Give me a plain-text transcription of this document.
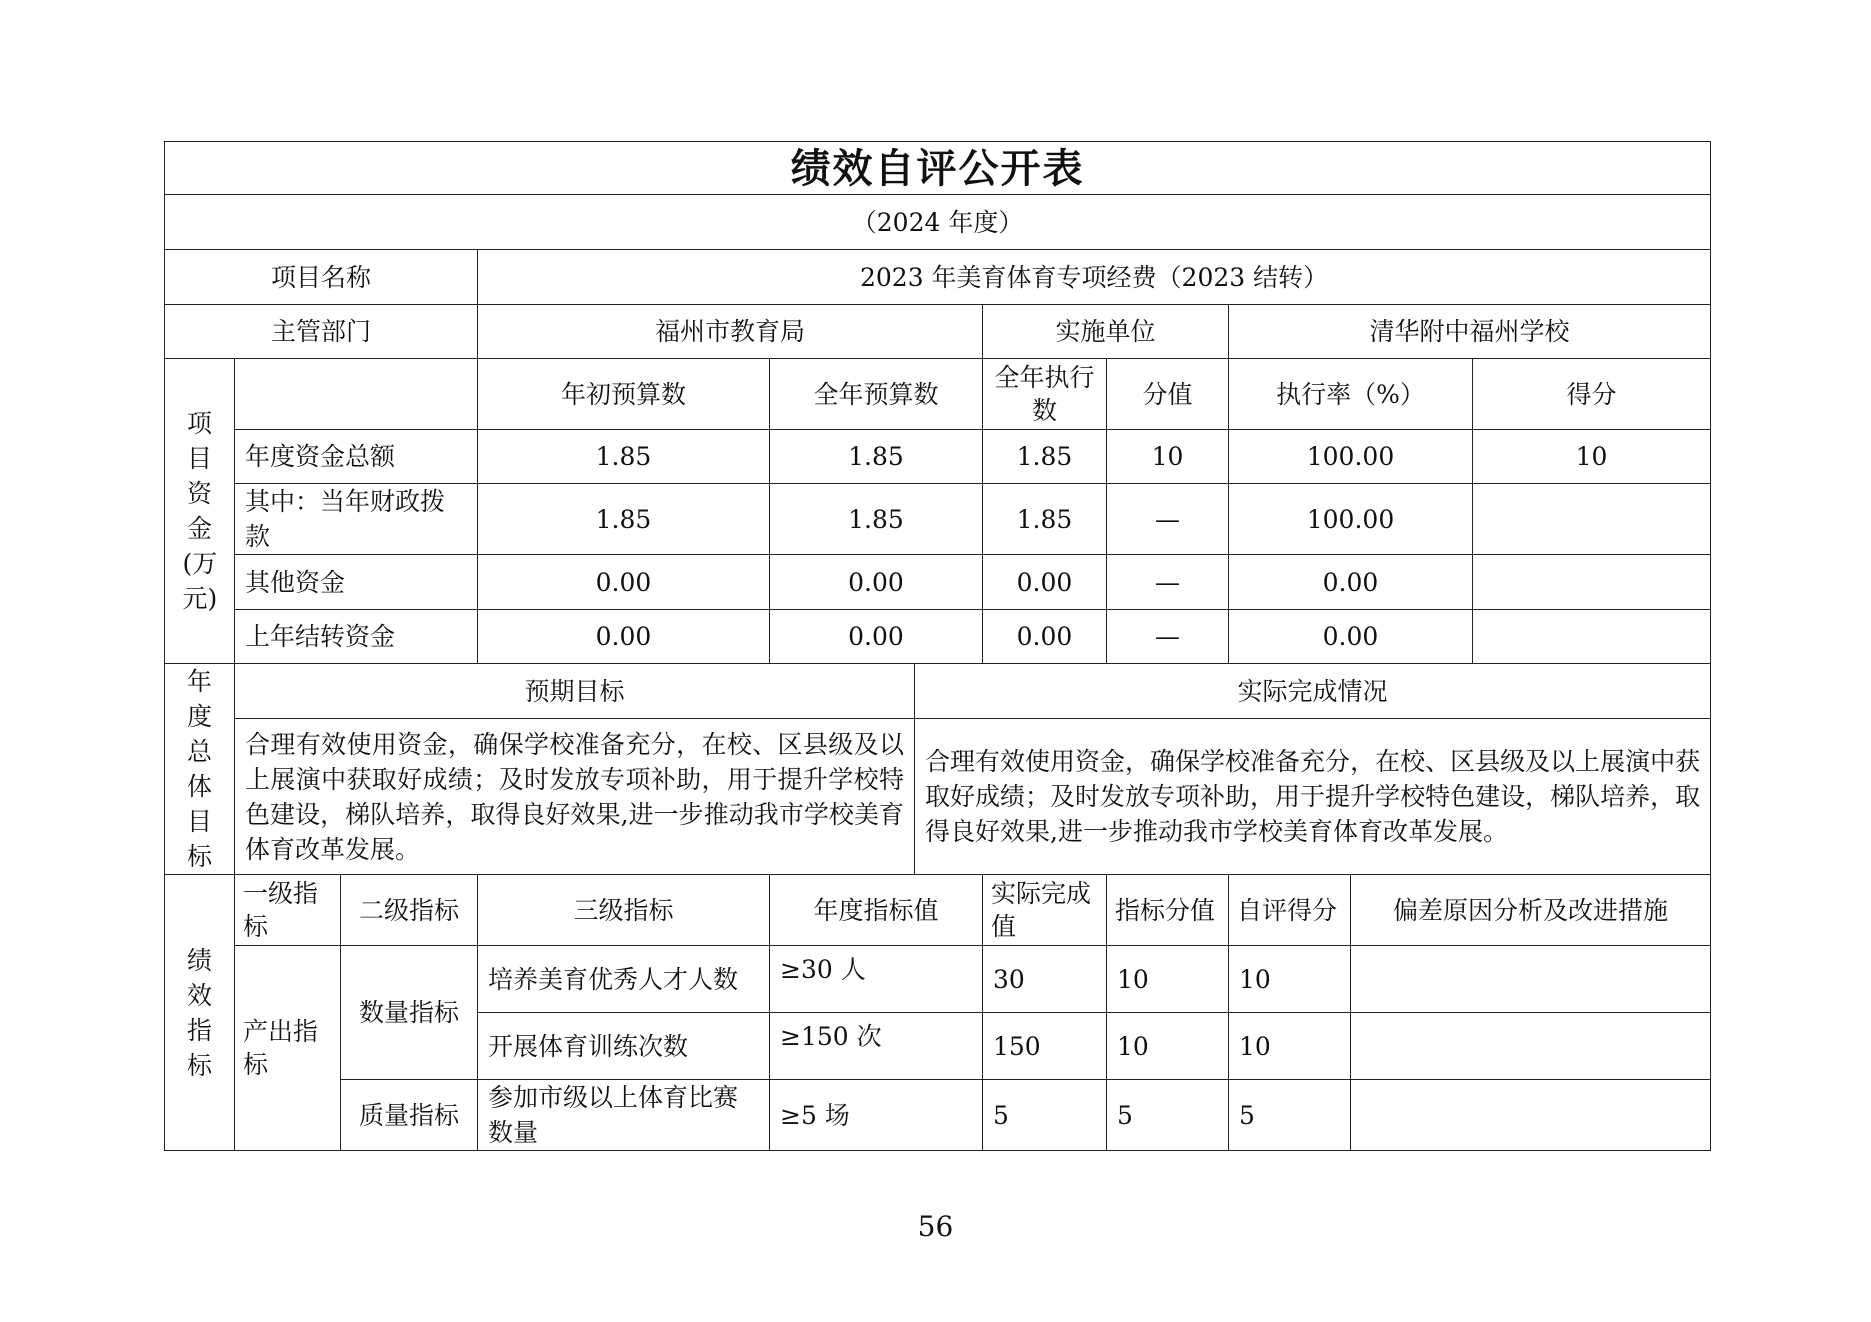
绩效自评公开表										
（2024 年度）										
项目名称			2023 年美育体育专项经费（2023 结转）							
主管部门			福州市教育局			实施单位		清华附中福州学校		
项目资金(万元)			年初预算数	全年预算数		全年执行数	分值	执行率（%）		得分
	年度资金总额		1.85	1.85		1.85	10	100.00		10
	其中：当年财政拨款		1.85	1.85		1.85	—	100.00		
	其他资金		0.00	0.00		0.00	—	0.00		
	上年结转资金		0.00	0.00		0.00	—	0.00		
年度总体目标	预期目标				实际完成情况					
	合理有效使用资金，确保学校准备充分，在校、区县级及以上展演中获取好成绩；及时发放专项补助，用于提升学校特色建设，梯队培养，取得良好效果,进一步推动我市学校美育体育改革发展。				合理有效使用资金，确保学校准备充分，在校、区县级及以上展演中获取好成绩；及时发放专项补助，用于提升学校特色建设，梯队培养，取得良好效果,进一步推动我市学校美育体育改革发展。					
绩效指标	一级指标	二级指标	三级指标	年度指标值		实际完成值	指标分值	自评得分	偏差原因分析及改进措施	
	产出指标	数量指标	培养美育优秀人才人数	≥30 人		30	10	10		
			开展体育训练次数	≥150 次		150	10	10		
		质量指标	参加市级以上体育比赛数量	≥5 场		5	5	5		
56
